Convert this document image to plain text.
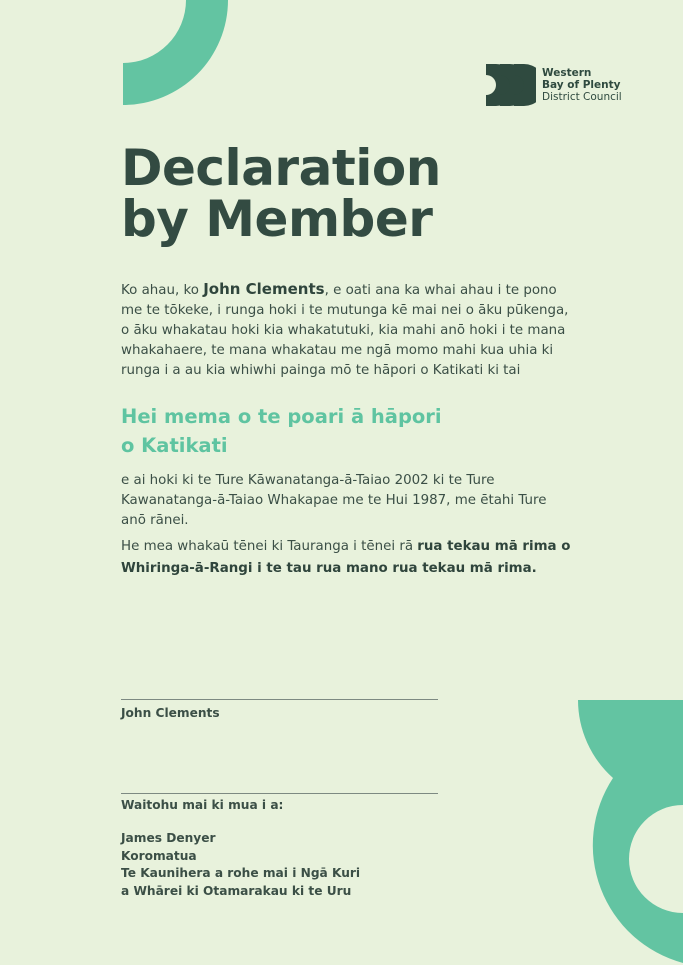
Western
Bay of Plenty
District Council
Declaration
by Member

Ko ahau, ko John Clements, e oati ana ka whai ahau i te pono me te tōkeke, i runga hoki i te mutunga kē mai nei o āku pūkenga, o āku whakatau hoki kia whakatutuki, kia mahi anō hoki i te mana whakahaere, te mana whakatau me ngā momo mahi kua uhia ki runga i a au kia whiwhi painga mō te hāpori o Katikati ki tai

Hei mema o te poari ā hāpori
o Katikati

e ai hoki ki te Ture Kāwanatanga-ā-Taiao 2002 ki te Ture Kawanatanga-ā-Taiao Whakapae me te Hui 1987, me ētahi Ture anō rānei.

He mea whakaū tēnei ki Tauranga i tēnei rā rua tekau mā rima o Whiringa-ā-Rangi i te tau rua mano rua tekau mā rima.

John Clements

Waitohu mai ki mua i a:

James Denyer
Koromatua
Te Kaunihera a rohe mai i Ngā Kuri
a Whārei ki Otamarakau ki te Uru
